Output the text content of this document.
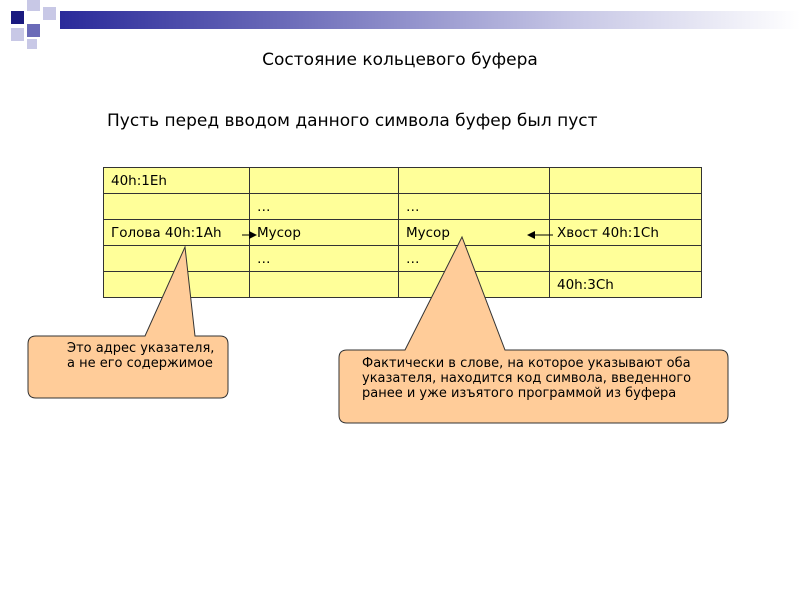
Состояние кольцевого буфера
Пусть перед вводом данного символа буфер был пуст
40h:1Eh			
	…	…	
Голова 40h:1Ah	Мусор	Мусор	Хвост 40h:1Ch
	…	…	
			40h:3Ch
Это адрес указателя, а не его содержимое	Фактически в слове, на которое указывают оба указателя, находится код символа, введенного ранее и уже изъятого программой из буфера
